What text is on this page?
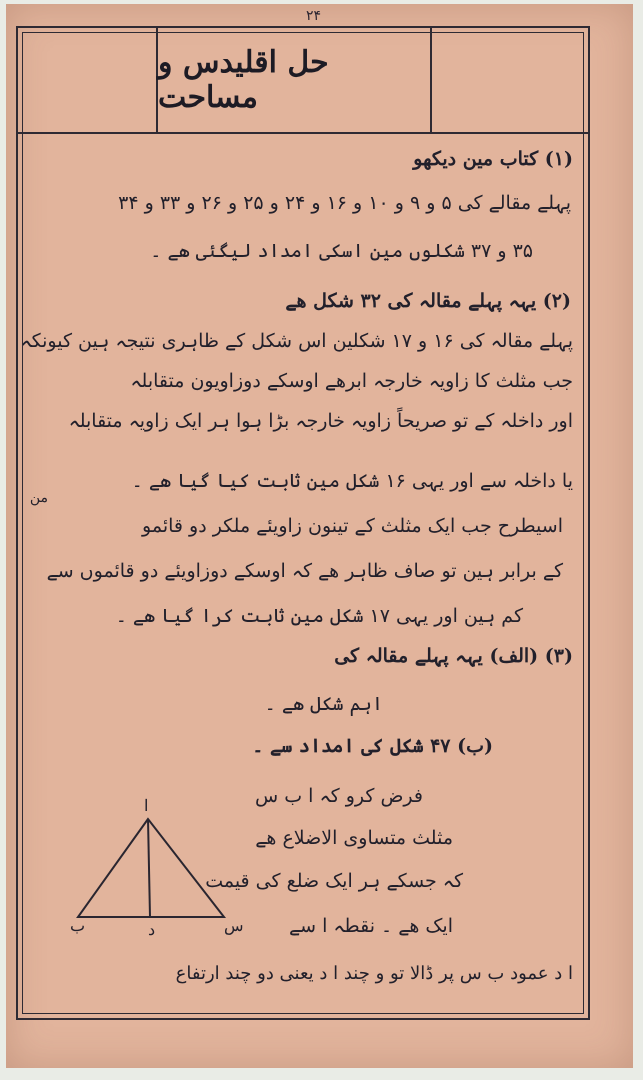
۲۴
حل اقلیدس و مساحت
(۱) کتاب مین دیکھو
پہلے مقالے کی ۵ و ۹ و ۱۰ و ۱۶ و ۲۴ و ۲۵ و ۲۶ و ۳۳ و ۳۴
۳۵ و ۳۷ شکلوں مین اسکی امداد لیگئی ھے ۔
(۲) یہہ پہلے مقالہ کی ۳۲ شکل ھے
پہلے مقالہ کی ۱۶ و ۱۷ شکلین اس شکل کے ظاہری نتیجہ ہین کیونکہ
جب مثلث کا زاویہ خارجہ ابرھے اوسکے دوزاویون متقابلہ
اور داخلہ کے تو صریحاً زاویہ خارجہ بڑا ہوا ہر ایک زاویہ متقابلہ
یا داخلہ سے اور یہی ۱۶ شکل مین ثابت کیا گیا ھے ۔
من
اسیطرح جب ایک مثلث کے تینون زاویئے ملکر دو قائمو
کے برابر ہین تو صاف ظاہر ھے کہ اوسکے دوزاویئے دو قائموں سے
کم ہین اور یہی ۱۷ شکل مین ثابت کرا گیا ھے ۔
(۳) (الف) یہہ پہلے مقالہ کی
اہم شکل ھے ۔
(ب) ۴۷ شکل کی امداد سے ۔
فرض کرو کہ ا ب س
مثلث متساوی الاضلاع ھے
کہ جسکے ہر ایک ضلع کی قیمت
ایک ھے ۔ نقطہ ا سے
ا د عمود ب س پر ڈالا تو و چند ا د یعنی دو چند ارتفاع
ا
ب	د	س
